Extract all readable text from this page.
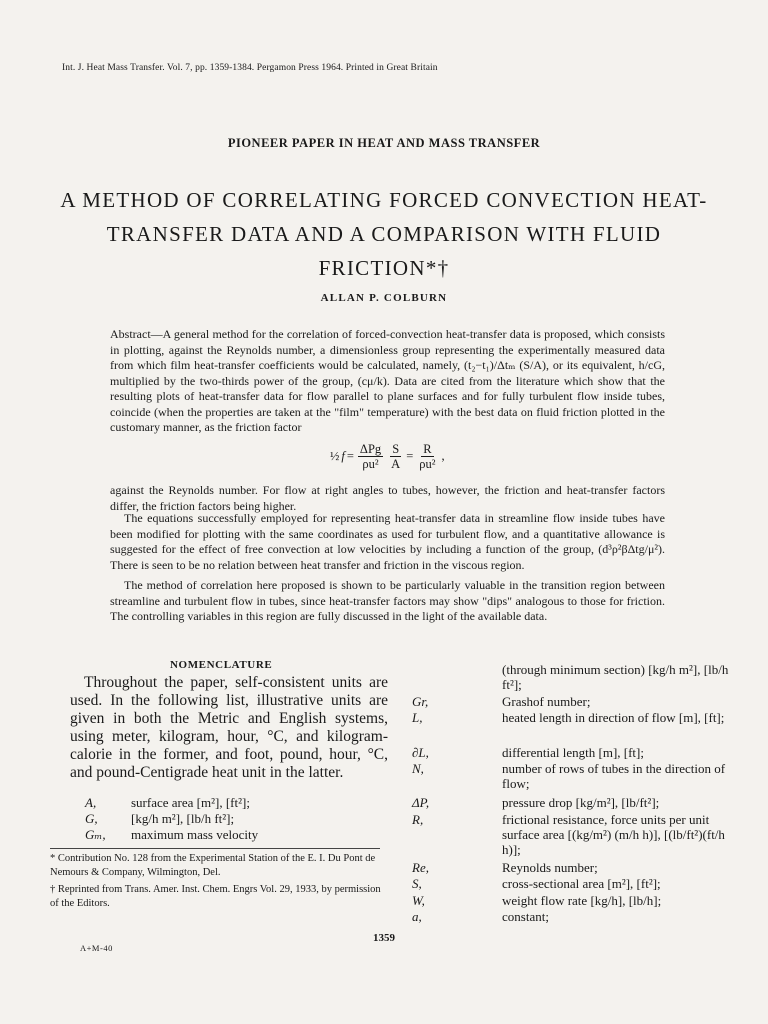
Int. J. Heat Mass Transfer. Vol. 7, pp. 1359-1384. Pergamon Press 1964. Printed in Great Britain
PIONEER PAPER IN HEAT AND MASS TRANSFER
A METHOD OF CORRELATING FORCED CONVECTION HEAT-TRANSFER DATA AND A COMPARISON WITH FLUID FRICTION*†
ALLAN P. COLBURN

Abstract—A general method for the correlation of forced-convection heat-transfer data is proposed, which consists in plotting, against the Reynolds number, a dimensionless group representing the experimentally measured data from which film heat-transfer coefficients would be calculated, namely, (t₂−t₁)/Δtₘ (S/A), or its equivalent, h/cG, multiplied by the two-thirds power of the group, (cμ/k). Data are cited from the literature which show that the resulting plots of heat-transfer data for flow parallel to plane surfaces and for fully turbulent flow inside tubes, coincide (when the properties are taken at the "film" temperature) with the best data on fluid friction plotted in the customary manner, as the friction factor

½ $f = \frac{\text{ΔPg}}{\text{ρu²}} \frac{S}{A} = \frac{R}{\text{ρu²}}$ ,

against the Reynolds number. For flow at right angles to tubes, however, the friction and heat-transfer factors differ, the friction factors being higher.

The equations successfully employed for representing heat-transfer data in streamline flow inside tubes have been modified for plotting with the same coordinates as used for turbulent flow, and a quantitative allowance is suggested for the effect of free convection at low velocities by including a function of the group, (d³ρ²βΔtg/μ²). There is seen to be no relation between heat transfer and friction in the viscous region.

The method of correlation here proposed is shown to be particularly valuable in the transition region between streamline and turbulent flow in tubes, since heat-transfer factors may show "dips" analogous to those for friction. The controlling variables in this region are fully discussed in the light of the available data.

NOMENCLATURE
Throughout the paper, self-consistent units are used. In the following list, illustrative units are given in both the Metric and English systems, using meter, kilogram, hour, °C, and kilogram-calorie in the former, and foot, pound, hour, °C, and pound-Centigrade heat unit in the latter.
A,	surface area [m²], [ft²];
G,	[kg/h m²], [lb/h ft²];
Gₘ,	maximum mass velocity
(through minimum section) [kg/h m²], [lb/h ft²];
Gr,	Grashof number;
L,	heated length in direction of flow [m], [ft];
∂L,	differential length [m], [ft];
N,	number of rows of tubes in the direction of flow;
ΔP,	pressure drop [kg/m²], [lb/ft²];
R,	frictional resistance, force units per unit surface area [(kg/m²) (m/h h)], [(lb/ft²)(ft/h h)];
Re,	Reynolds number;
S,	cross-sectional area [m²], [ft²];
W,	weight flow rate [kg/h], [lb/h];
a,	constant;

* Contribution No. 128 from the Experimental Station of the E. I. Du Pont de Nemours & Company, Wilmington, Del.

† Reprinted from Trans. Amer. Inst. Chem. Engrs Vol. 29, 1933, by permission of the Editors.

1359
A+M-40
